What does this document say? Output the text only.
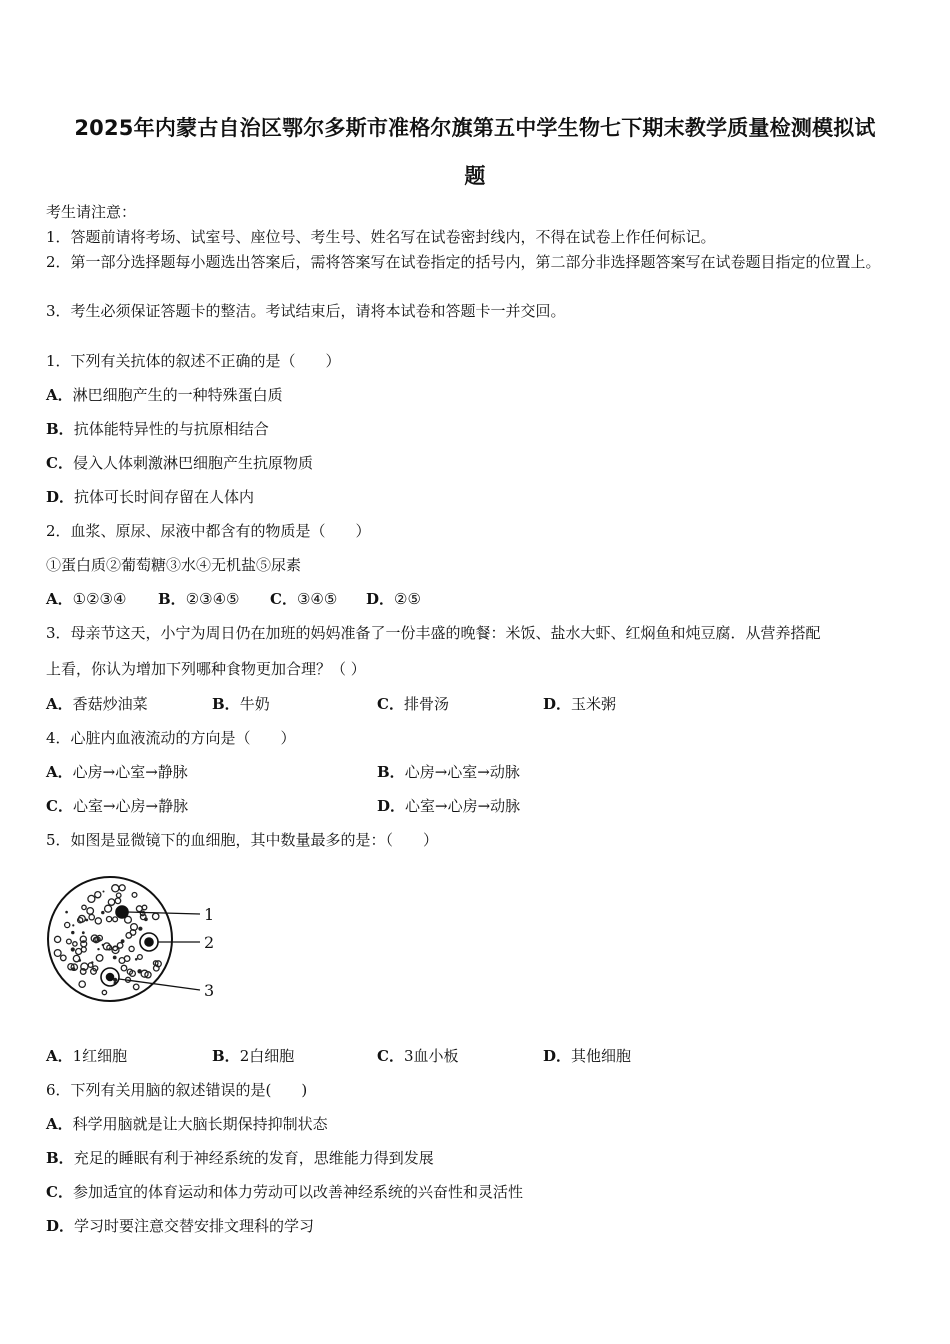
2025年内蒙古自治区鄂尔多斯市准格尔旗第五中学生物七下期末教学质量检测模拟试
题
考生请注意：
1．答题前请将考场、试室号、座位号、考生号、姓名写在试卷密封线内，不得在试卷上作任何标记。
2．第一部分选择题每小题选出答案后，需将答案写在试卷指定的括号内，第二部分非选择题答案写在试卷题目指定的位置上。
3．考生必须保证答题卡的整洁。考试结束后，请将本试卷和答题卡一并交回。
1．下列有关抗体的叙述不正确的是（　　）
A．淋巴细胞产生的一种特殊蛋白质
B．抗体能特异性的与抗原相结合
C．侵入人体刺激淋巴细胞产生抗原物质
D．抗体可长时间存留在人体内
2．血浆、原尿、尿液中都含有的物质是（　　）
①蛋白质②葡萄糖③水④无机盐⑤尿素
A．①②③④ B．②③④⑤ C．③④⑤ D．②⑤
3．母亲节这天，小宁为周日仍在加班的妈妈准备了一份丰盛的晚餐：米饭、盐水大虾、红焖鱼和炖豆腐．从营养搭配
上看，你认为增加下列哪种食物更加合理？（ ）
A．香菇炒油菜	B．牛奶	C．排骨汤	D．玉米粥
4．心脏内血液流动的方向是（　　）
A．心房→心室→静脉	B．心房→心室→动脉
C．心室→心房→静脉	D．心室→心房→动脉
5．如图是显微镜下的血细胞，其中数量最多的是：（　　）
1
2
3
A．1红细胞	B．2白细胞	C．3血小板	D．其他细胞
6．下列有关用脑的叙述错误的是(　　)
A．科学用脑就是让大脑长期保持抑制状态
B．充足的睡眠有利于神经系统的发育，思维能力得到发展
C．参加适宜的体育运动和体力劳动可以改善神经系统的兴奋性和灵活性
D．学习时要注意交替安排文理科的学习
